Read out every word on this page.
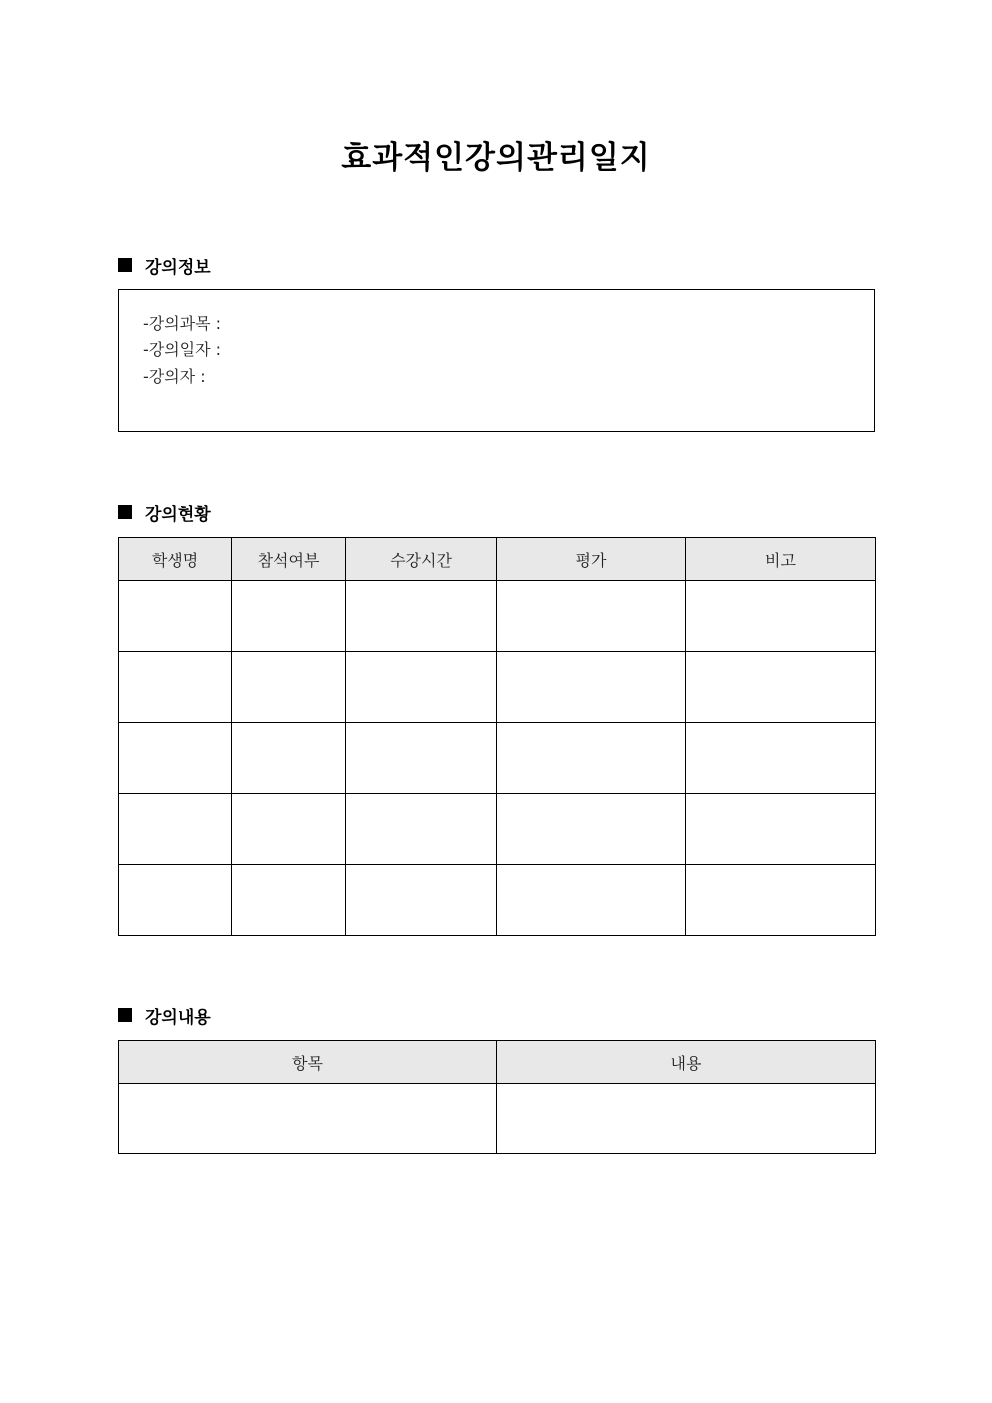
효과적인강의관리일지
강의정보
-강의과목 :
-강의일자 :
-강의자 :
강의현황
학생명	참석여부	수강시간	평가	비고

강의내용
항목	내용
